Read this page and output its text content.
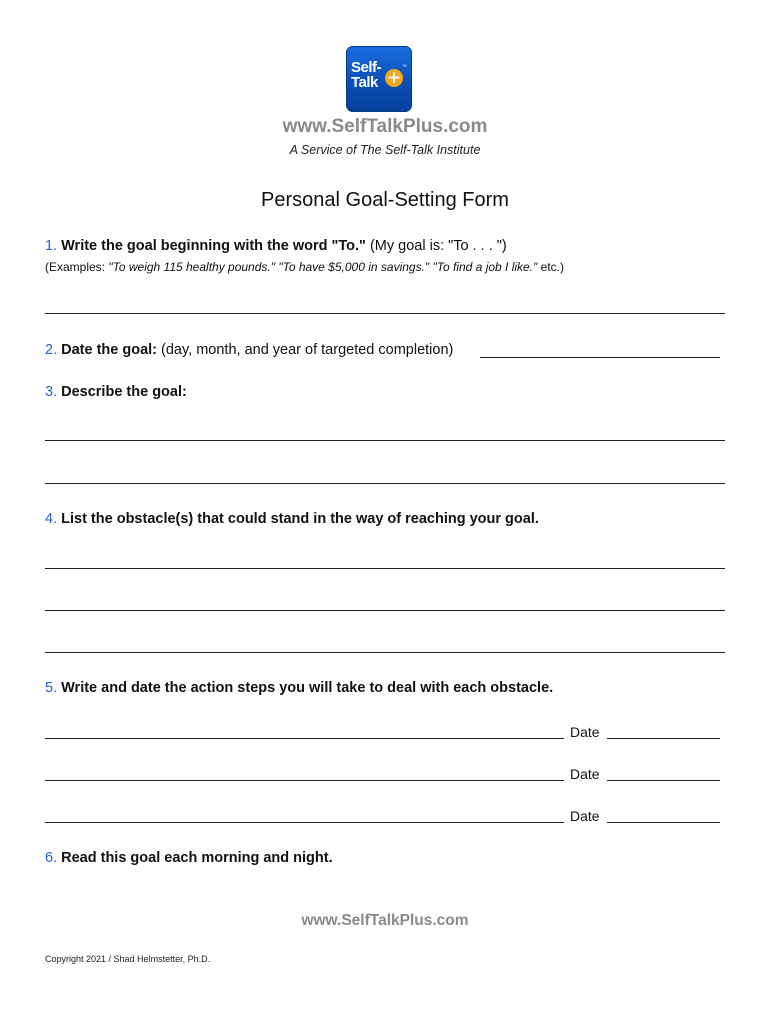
Self-
Talk +
™
www.SelfTalkPlus.com
A Service of The Self-Talk Institute
Personal Goal-Setting Form
1. Write the goal beginning with the word "To." (My goal is: "To . . . ")
(Examples: "To weigh 115 healthy pounds." "To have $5,000 in savings." "To find a job I like." etc.)
2. Date the goal: (day, month, and year of targeted completion)
3. Describe the goal:
4. List the obstacle(s) that could stand in the way of reaching your goal.
5. Write and date the action steps you will take to deal with each obstacle.
Date
Date
Date
6. Read this goal each morning and night.
www.SelfTalkPlus.com
Copyright 2021 / Shad Helmstetter, Ph.D.
